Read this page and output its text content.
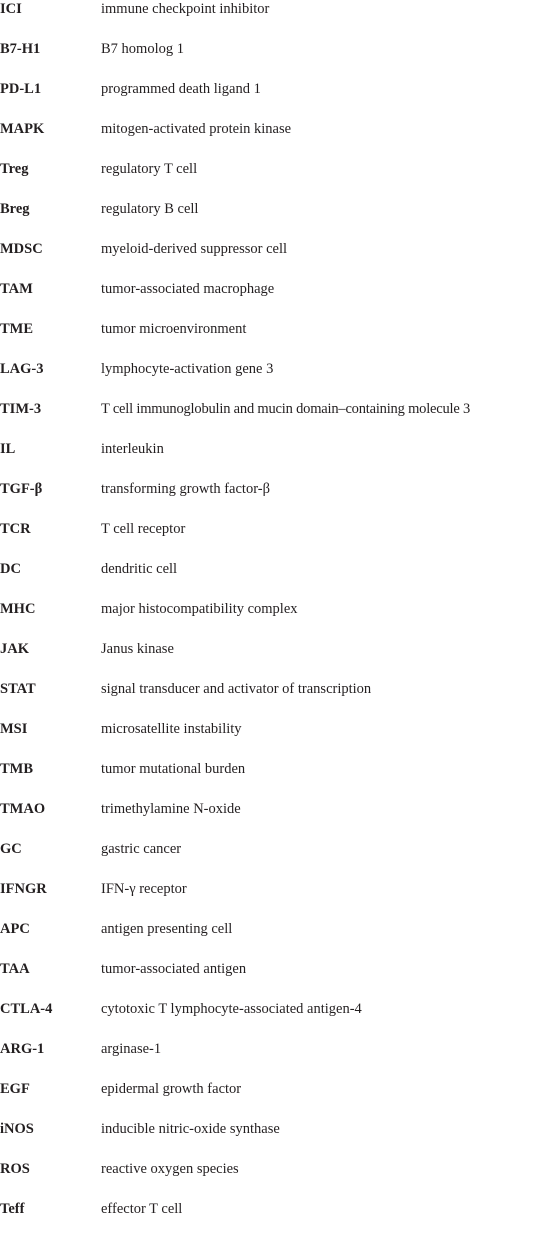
ICI	immune checkpoint inhibitor
B7-H1	B7 homolog 1
PD-L1	programmed death ligand 1
MAPK	mitogen-activated protein kinase
Treg	regulatory T cell
Breg	regulatory B cell
MDSC	myeloid-derived suppressor cell
TAM	tumor-associated macrophage
TME	tumor microenvironment
LAG-3	lymphocyte-activation gene 3
TIM-3	T cell immunoglobulin and mucin domain–containing molecule 3
IL	interleukin
TGF-β	transforming growth factor-β
TCR	T cell receptor
DC	dendritic cell
MHC	major histocompatibility complex
JAK	Janus kinase
STAT	signal transducer and activator of transcription
MSI	microsatellite instability
TMB	tumor mutational burden
TMAO	trimethylamine N-oxide
GC	gastric cancer
IFNGR	IFN-γ receptor
APC	antigen presenting cell
TAA	tumor-associated antigen
CTLA-4	cytotoxic T lymphocyte-associated antigen-4
ARG-1	arginase-1
EGF	epidermal growth factor
iNOS	inducible nitric-oxide synthase
ROS	reactive oxygen species
Teff	effector T cell
